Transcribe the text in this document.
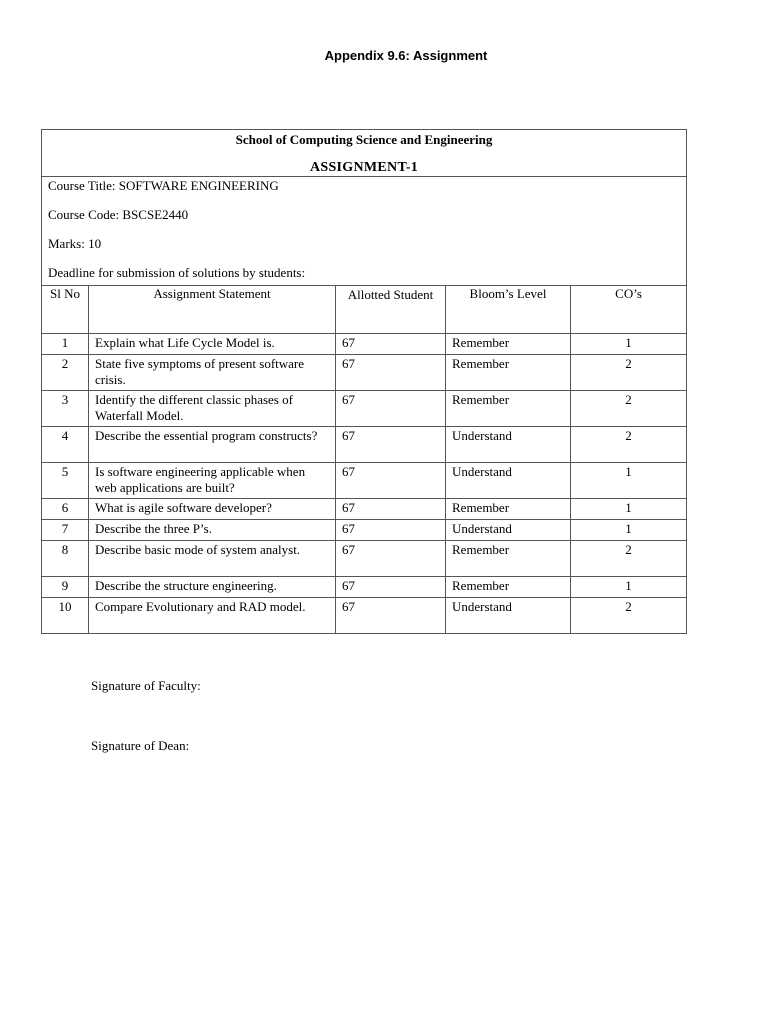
Appendix 9.6: Assignment
School of Computing Science and Engineering
ASSIGNMENT-1				

Course Title: SOFTWARE ENGINEERING

Course Code: BSCSE2440

Marks: 10

Deadline for submission of solutions by students:				

Sl No	Assignment Statement	Allotted Student	Bloom’s Level	CO’s
1	Explain what Life Cycle Model is.	67	Remember	1
2	State five symptoms of present software crisis.	67	Remember	2
3	Identify the different classic phases of Waterfall Model.	67	Remember	2
4	Describe the essential program constructs?	67	Understand	2
5	Is software engineering applicable when web applications are built?	67	Understand	1
6	What is agile software developer?	67	Remember	1
7	Describe the three P’s.	67	Understand	1
8	Describe basic mode of system analyst.	67	Remember	2
9	Describe the structure engineering.	67	Remember	1
10	Compare Evolutionary and RAD model.	67	Understand	2
Signature of Faculty:
Signature of Dean:
